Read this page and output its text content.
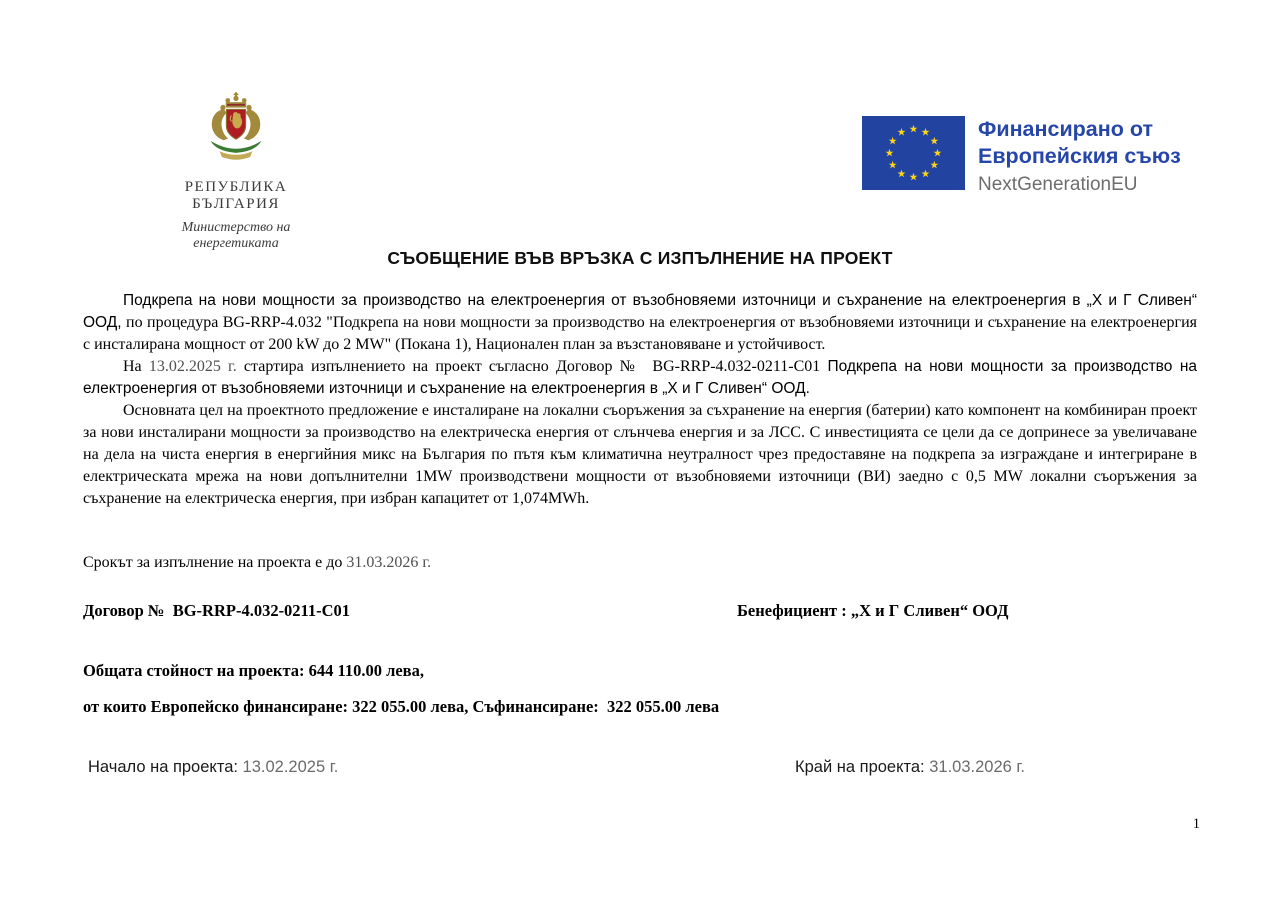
РЕПУБЛИКА БЪЛГАРИЯ
Министерство на енергетиката
Финансирано от
Европейския съюз
NextGenerationEU
СЪОБЩЕНИЕ ВЪВ ВРЪЗКА С ИЗПЪЛНЕНИЕ НА ПРОЕКТ

Подкрепа на нови мощности за производство на електроенергия от възобновяеми източници и съхранение на електроенергия в „Х и Г Сливен“ ООД, по процедура BG-RRP-4.032 "Подкрепа на нови мощности за производство на електроенергия от възобновяеми източници и съхранение на електроенергия с инсталирана мощност от 200 kW до 2 MW" (Покана 1), Национален план за възстановяване и устойчивост.

На 13.02.2025 г. стартира изпълнението на проект съгласно Договор №  BG-RRP-4.032-0211-C01 Подкрепа на нови мощности за производство на електроенергия от възобновяеми източници и съхранение на електроенергия в „Х и Г Сливен“ ООД.

Основната цел на проектното предложение е инсталиране на локални съоръжения за съхранение на енергия (батерии) като компонент на комбиниран проект за нови инсталирани мощности за производство на електрическа енергия от слънчева енергия и за ЛСС. С инвестицията се цели да се допринесе за увеличаване на дела на чиста енергия в енергийния микс на България по пътя към климатична неутралност чрез предоставяне на подкрепа за изграждане и интегриране в електрическата мрежа на нови допълнителни 1MW производствени мощности от възобновяеми източници (ВИ) заедно с 0,5 MW локални съоръжения за съхранение на електрическа енергия, при избран капацитет от 1,074MWh.

Срокът за изпълнение на проекта е до 31.03.2026 г.
Договор №  BG-RRP-4.032-0211-C01	Бенефициент : „Х и Г Сливен“ ООД
Общата стойност на проекта: 644 110.00 лева,
от които Европейско финансиране: 322 055.00 лева, Съфинансиране:  322 055.00 лева
Начало на проекта: 13.02.2025 г.	Край на проекта: 31.03.2026 г.
1
